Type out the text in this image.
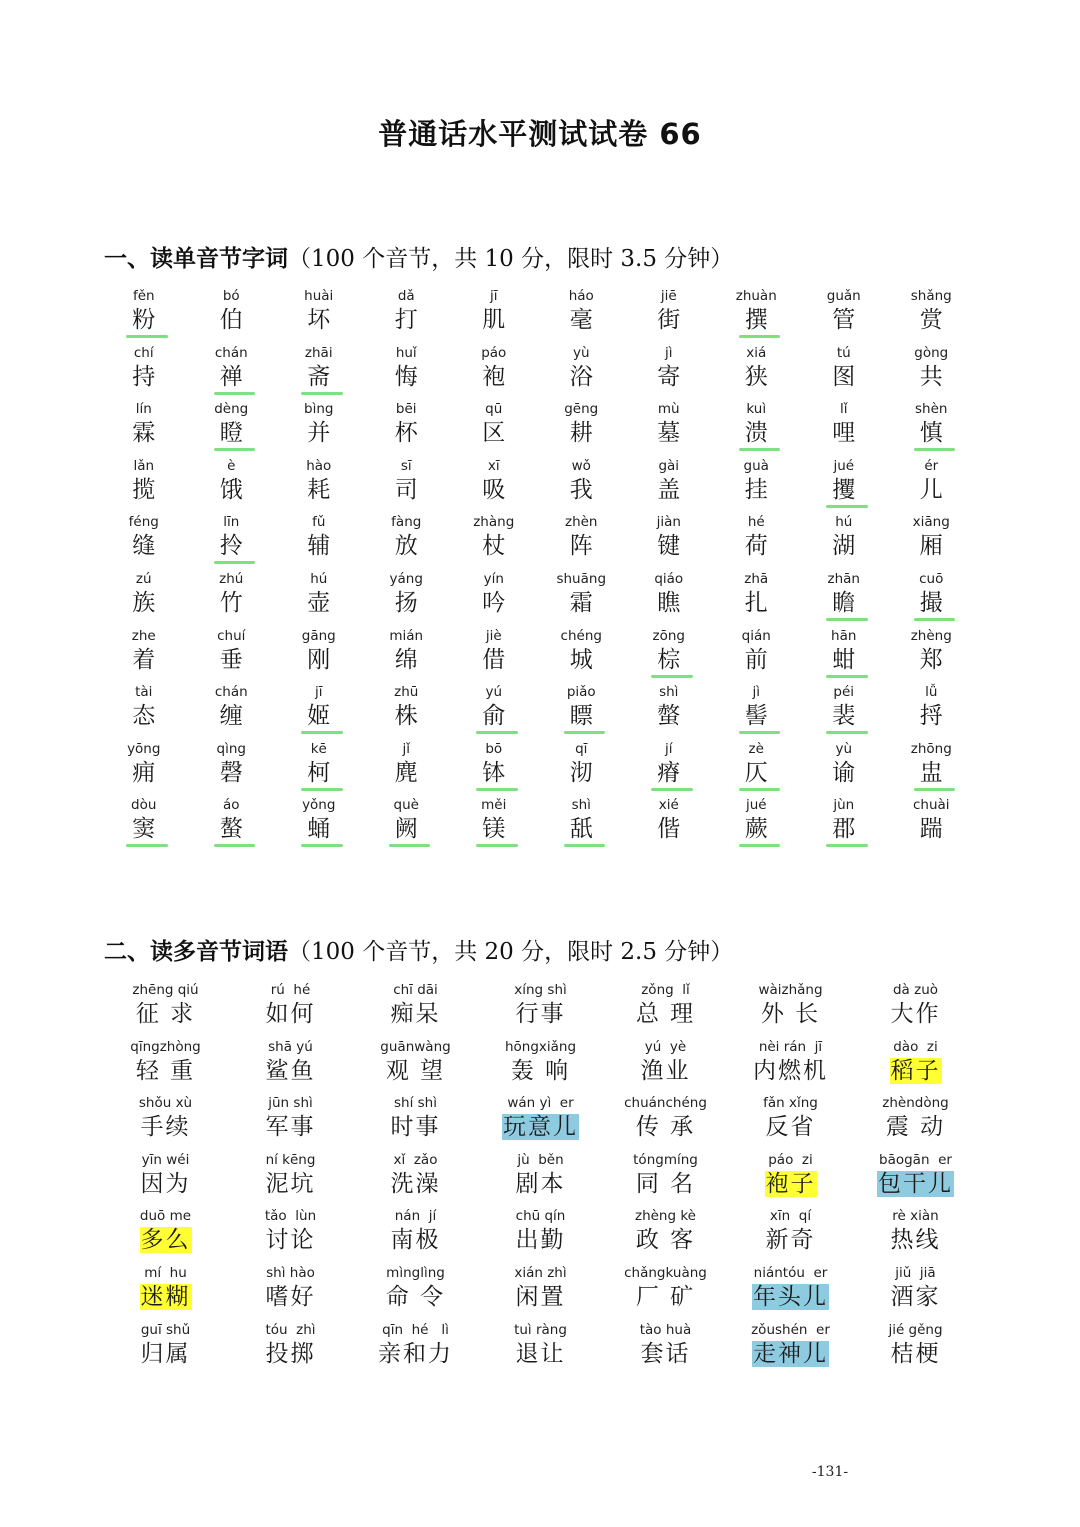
普通话水平测试试卷 66
一、读单音节字词（100 个音节，共 10 分，限时 3.5 分钟）
fěn
粉
bó
伯
huài
坏
dǎ
打
jī
肌
háo
毫
jiē
街
zhuàn
撰
guǎn
管
shǎng
赏
chí
持
chán
禅
zhāi
斋
huǐ
悔
páo
袍
yù
浴
jì
寄
xiá
狭
tú
图
gòng
共
lín
霖
dèng
瞪
bìng
并
bēi
杯
qū
区
gēng
耕
mù
墓
kuì
溃
lǐ
哩
shèn
慎
lǎn
揽
è
饿
hào
耗
sī
司
xī
吸
wǒ
我
gài
盖
guà
挂
jué
攫
ér
儿
féng
缝
līn
拎
fǔ
辅
fàng
放
zhàng
杖
zhèn
阵
jiàn
键
hé
荷
hú
湖
xiāng
厢
zú
族
zhú
竹
hú
壶
yáng
扬
yín
吟
shuāng
霜
qiáo
瞧
zhā
扎
zhān
瞻
cuō
撮
zhe
着
chuí
垂
gāng
刚
mián
绵
jiè
借
chéng
城
zōng
棕
qián
前
hān
蚶
zhèng
郑
tài
态
chán
缠
jī
姬
zhū
株
yú
俞
piǎo
瞟
shì
螫
jì
髻
péi
裴
lǚ
捋
yōng
痈
qìng
磬
kē
柯
jǐ
麂
bō
钵
qī
沏
jí
瘠
zè
仄
yù
谕
zhōng
盅
dòu
窦
áo
螯
yǒng
蛹
què
阙
měi
镁
shì
舐
xié
偕
jué
蕨
jùn
郡
chuài
踹
二、读多音节词语（100 个音节，共 20 分，限时 2.5 分钟）
zhēng qiú
征 求
rú  hé
如何
chī dāi
痴呆
xíng shì
行事
zǒng  lǐ
总 理
wàizhǎng
外 长
dà zuò
大作
qīngzhòng
轻 重
shā yú
鲨鱼
guānwàng
观 望
hōngxiǎng
轰 响
yú  yè
渔业
nèi rán  jī
内燃机
dào  zi
稻子
shǒu xù
手续
jūn shì
军事
shí shì
时事
wán yì  er
玩意儿
chuánchéng
传 承
fǎn xǐng
反省
zhèndòng
震 动
yīn wéi
因为
ní kēng
泥坑
xǐ  zǎo
洗澡
jù  běn
剧本
tóngmíng
同 名
páo  zi
袍子
bāogān  er
包干儿
duō me
多么
tǎo  lùn
讨论
nán  jí
南极
chū qín
出勤
zhèng kè
政 客
xīn  qí
新奇
rè xiàn
热线
mí  hu
迷糊
shì hào
嗜好
mìnglìng
命 令
xián zhì
闲置
chǎngkuàng
厂 矿
niántóu  er
年头儿
jiǔ  jiā
酒家
guī shǔ
归属
tóu  zhì
投掷
qīn  hé   lì
亲和力
tuì ràng
退让
tào huà
套话
zǒushén  er
走神儿
jié gěng
桔梗
-131-
